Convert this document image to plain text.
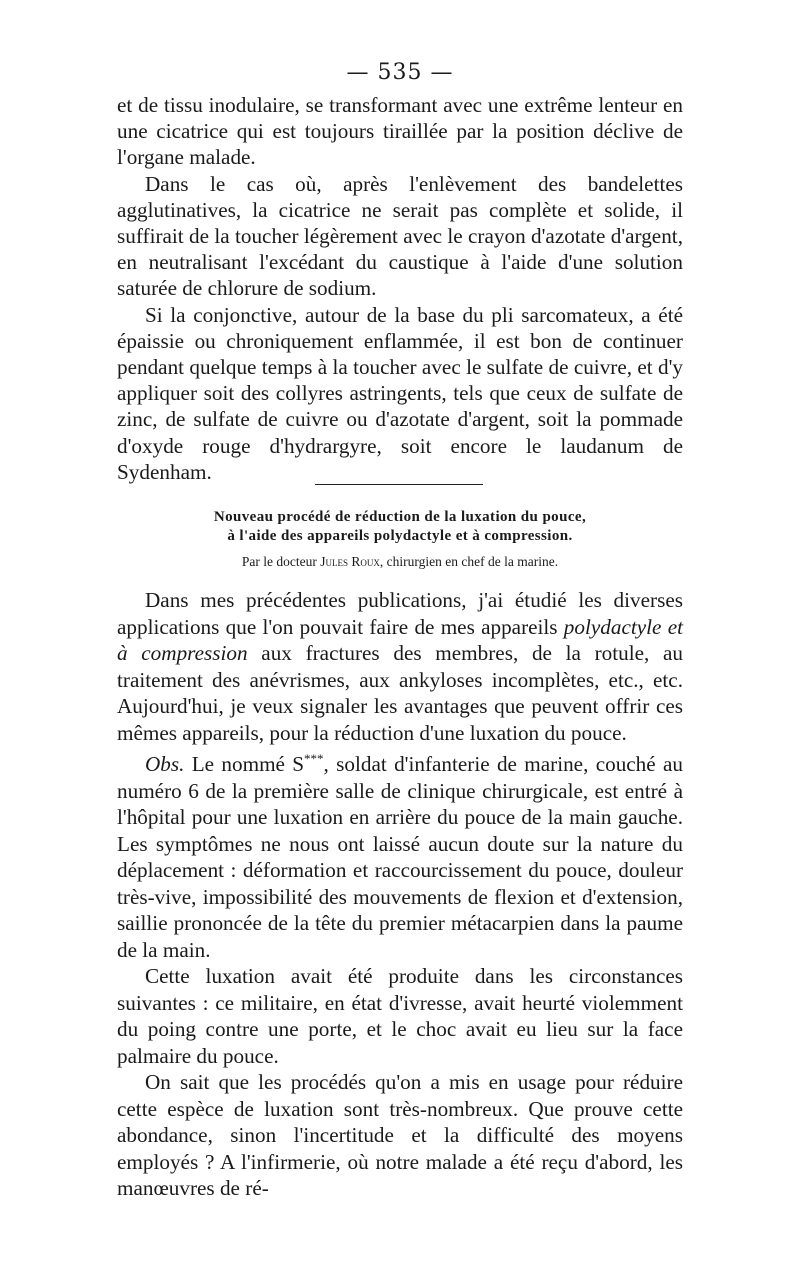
— 535 —

et de tissu inodulaire, se transformant avec une extrême lenteur en une cicatrice qui est toujours tiraillée par la position déclive de l'organe malade.

Dans le cas où, après l'enlèvement des bandelettes agglutinatives, la cicatrice ne serait pas complète et solide, il suffirait de la toucher légèrement avec le crayon d'azotate d'argent, en neutralisant l'excédant du caustique à l'aide d'une solution saturée de chlorure de sodium.

Si la conjonctive, autour de la base du pli sarcomateux, a été épaissie ou chroniquement enflammée, il est bon de continuer pendant quelque temps à la toucher avec le sulfate de cuivre, et d'y appliquer soit des collyres astringents, tels que ceux de sulfate de zinc, de sulfate de cuivre ou d'azotate d'argent, soit la pommade d'oxyde rouge d'hydrargyre, soit encore le laudanum de Sydenham.

Nouveau procédé de réduction de la luxation du pouce,
à l'aide des appareils polydactyle et à compression.
Par le docteur Jules Roux, chirurgien en chef de la marine.

Dans mes précédentes publications, j'ai étudié les diverses applications que l'on pouvait faire de mes appareils polydactyle et à compression aux fractures des membres, de la rotule, au traitement des anévrismes, aux ankyloses incomplètes, etc., etc. Aujourd'hui, je veux signaler les avantages que peuvent offrir ces mêmes appareils, pour la réduction d'une luxation du pouce.

Obs. Le nommé S***, soldat d'infanterie de marine, couché au numéro 6 de la première salle de clinique chirurgicale, est entré à l'hôpital pour une luxation en arrière du pouce de la main gauche. Les symptômes ne nous ont laissé aucun doute sur la nature du déplacement : déformation et raccourcissement du pouce, douleur très-vive, impossibilité des mouvements de flexion et d'extension, saillie prononcée de la tête du premier métacarpien dans la paume de la main.

Cette luxation avait été produite dans les circonstances suivantes : ce militaire, en état d'ivresse, avait heurté violemment du poing contre une porte, et le choc avait eu lieu sur la face palmaire du pouce.

On sait que les procédés qu'on a mis en usage pour réduire cette espèce de luxation sont très-nombreux. Que prouve cette abondance, sinon l'incertitude et la difficulté des moyens employés ? A l'infirmerie, où notre malade a été reçu d'abord, les manœuvres de ré-
